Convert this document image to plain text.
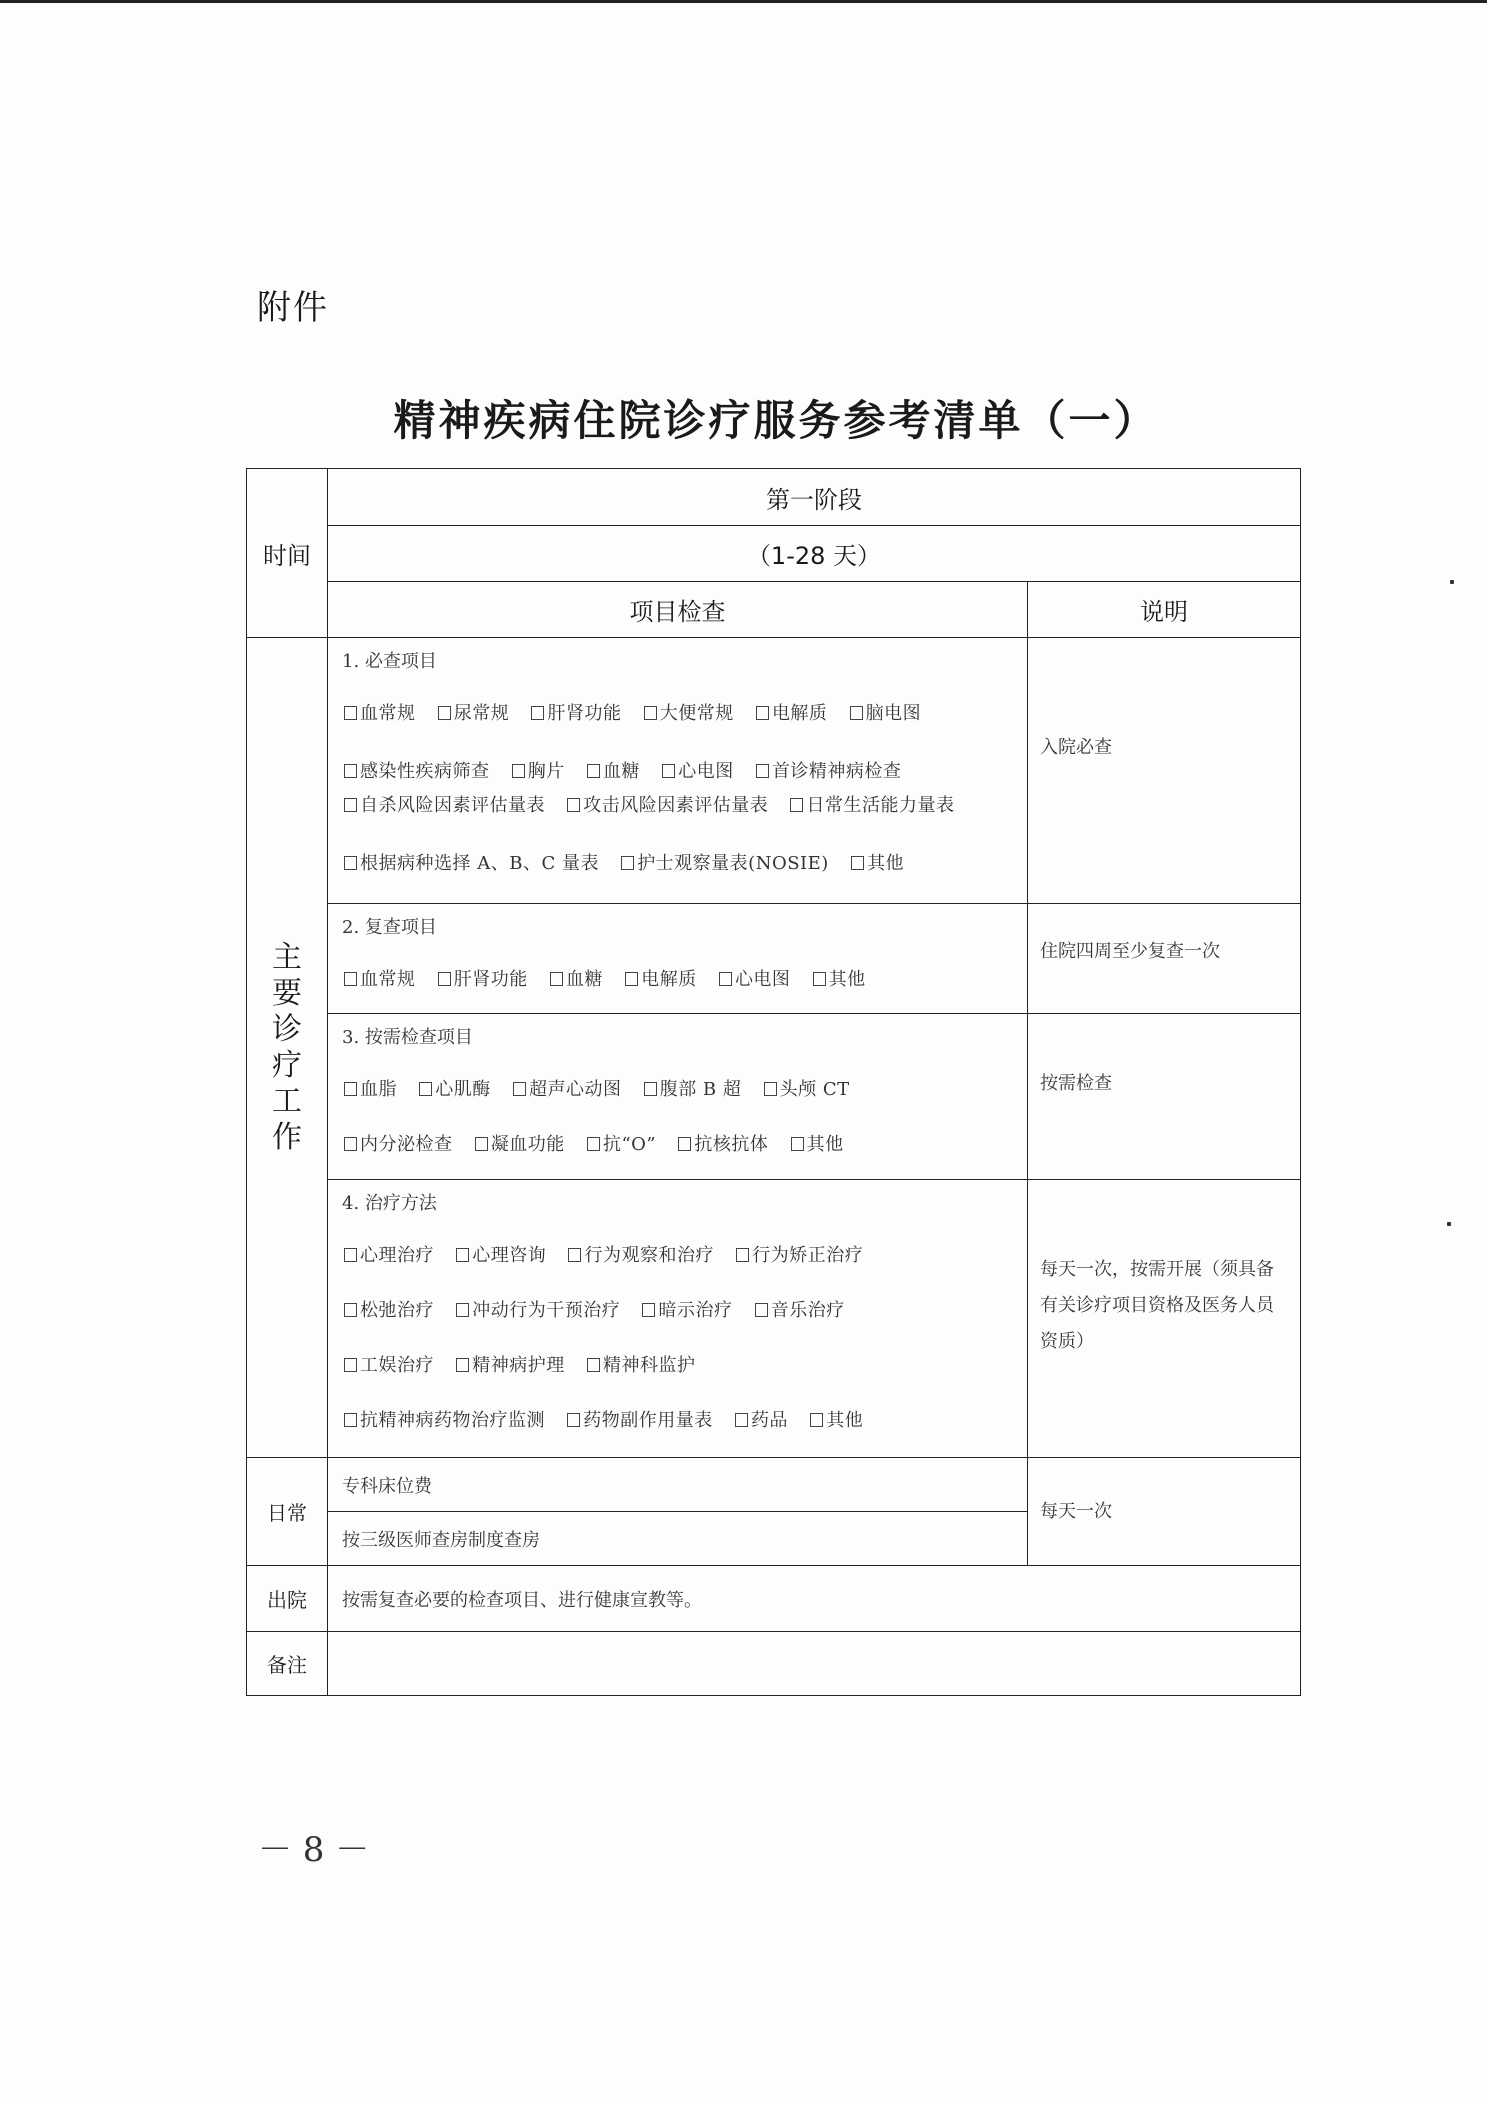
附件
精神疾病住院诊疗服务参考清单（一）
时间	第一阶段	
	（1-28 天）	
	项目检查	说明

主要诊疗工作	1. 必查项目
血常规 尿常规 肝肾功能 大便常规 电解质 脑电图
感染性疾病筛查 胸片 血糖 心电图 首诊精神病检查 自杀风险因素评估量表 攻击风险因素评估量表 日常生活能力量表
根据病种选择 A、B、C 量表 护士观察量表(NOSIE) 其他	入院必查

	2. 复查项目
血常规 肝肾功能 血糖 电解质 心电图 其他	住院四周至少复查一次

	3. 按需检查项目
血脂 心肌酶 超声心动图 腹部 B 超 头颅 CT
内分泌检查 凝血功能 抗“O” 抗核抗体 其他	按需检查

	4. 治疗方法
心理治疗 心理咨询 行为观察和治疗 行为矫正治疗
松弛治疗 冲动行为干预治疗 暗示治疗 音乐治疗
工娱治疗 精神病护理 精神科监护
抗精神病药物治疗监测 药物副作用量表 药品 其他	每天一次，按需开展（须具备有关诊疗项目资格及医务人员资质）
日常	专科床位费	每天一次
	按三级医师查房制度查房	
出院	按需复查必要的检查项目、进行健康宣教等。	
备注		
－ 8 －
